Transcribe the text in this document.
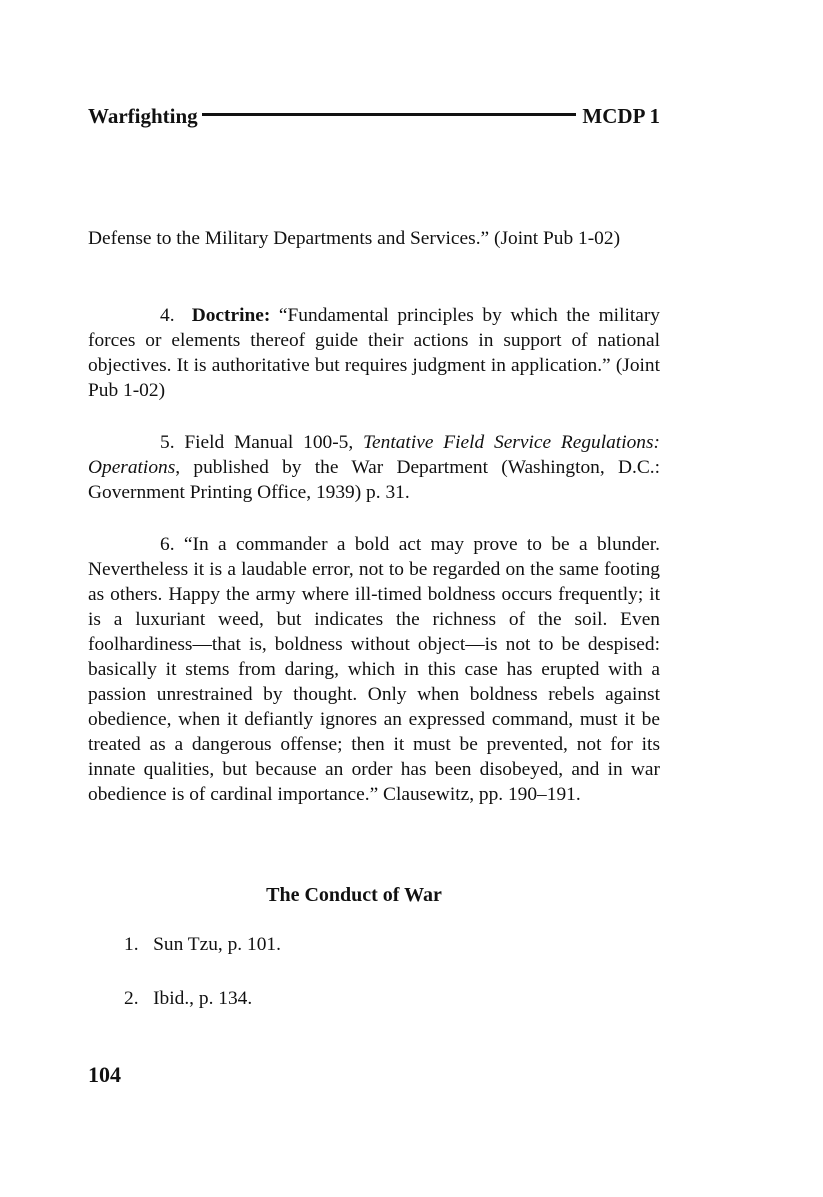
Warfighting	MCDP 1

Defense to the Military Departments and Services.” (Joint Pub 1-02)

4. Doctrine: “Fundamental principles by which the military forces or elements thereof guide their actions in support of national objectives. It is authoritative but requires judgment in application.” (Joint Pub 1-02)

5. Field Manual 100-5, Tentative Field Service Regulations: Operations, published by the War Department (Washington, D.C.: Government Printing Office, 1939) p. 31.

6. “In a commander a bold act may prove to be a blunder. Nevertheless it is a laudable error, not to be regarded on the same footing as others. Happy the army where ill-timed boldness occurs frequently; it is a luxuriant weed, but indicates the richness of the soil. Even foolhardiness—that is, boldness without object—is not to be despised: basically it stems from daring, which in this case has erupted with a passion unrestrained by thought. Only when boldness rebels against obedience, when it defiantly ignores an expressed command, must it be treated as a dangerous offense; then it must be prevented, not for its innate qualities, but because an order has been disobeyed, and in war obedience is of cardinal importance.” Clausewitz, pp. 190–191.

The Conduct of War
1. Sun Tzu, p. 101.
2. Ibid., p. 134.
104
